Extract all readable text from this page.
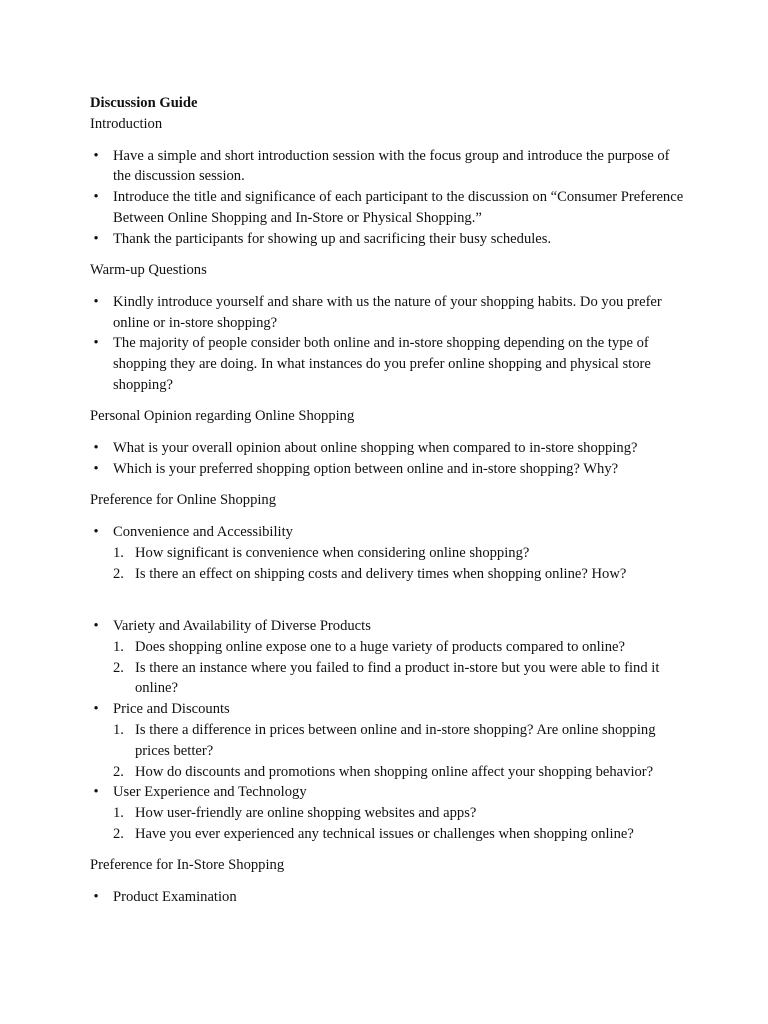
Discussion Guide

Introduction

• Have a simple and short introduction session with the focus group and introduce the purpose of the discussion session.
• Introduce the title and significance of each participant to the discussion on “Consumer Preference Between Online Shopping and In-Store or Physical Shopping.”
• Thank the participants for showing up and sacrificing their busy schedules.

Warm-up Questions

• Kindly introduce yourself and share with us the nature of your shopping habits. Do you prefer online or in-store shopping?
• The majority of people consider both online and in-store shopping depending on the type of shopping they are doing. In what instances do you prefer online shopping and physical store shopping?

Personal Opinion regarding Online Shopping

• What is your overall opinion about online shopping when compared to in-store shopping?
• Which is your preferred shopping option between online and in-store shopping? Why?

Preference for Online Shopping

• Convenience and Accessibility
1. How significant is convenience when considering online shopping?
2. Is there an effect on shipping costs and delivery times when shopping online? How?
• Variety and Availability of Diverse Products
1. Does shopping online expose one to a huge variety of products compared to online?
2. Is there an instance where you failed to find a product in-store but you were able to find it online?
• Price and Discounts
1. Is there a difference in prices between online and in-store shopping? Are online shopping prices better?
2. How do discounts and promotions when shopping online affect your shopping behavior?
• User Experience and Technology
1. How user-friendly are online shopping websites and apps?
2. Have you ever experienced any technical issues or challenges when shopping online?

Preference for In-Store Shopping

• Product Examination
